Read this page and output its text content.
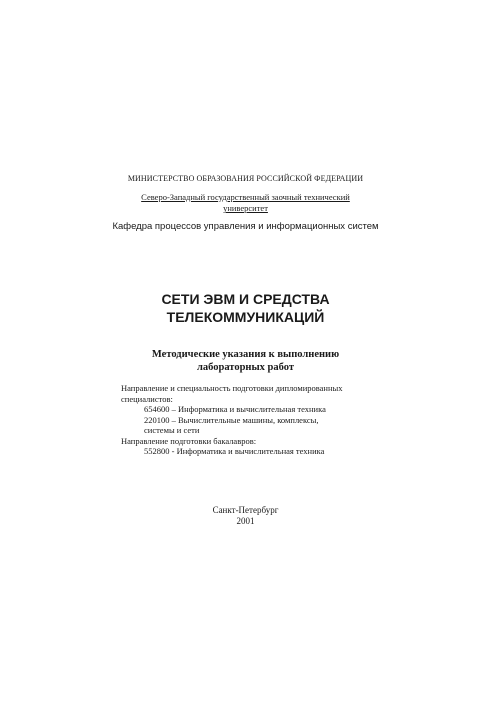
МИНИСТЕРСТВО ОБРАЗОВАНИЯ РОССИЙСКОЙ ФЕДЕРАЦИИ
Северо-Западный государственный заочный технический
университет
Кафедра процессов управления и информационных систем
СЕТИ ЭВМ И СРЕДСТВА
ТЕЛЕКОММУНИКАЦИЙ
Методические указания к выполнению
лабораторных работ
Направление и специальность подготовки дипломированных
специалистов:
654600 – Информатика и вычислительная техника
220100 – Вычислительные машины, комплексы,
системы и сети
Направление подготовки бакалавров:
552800 - Информатика и вычислительная техника
Санкт-Петербург
2001
